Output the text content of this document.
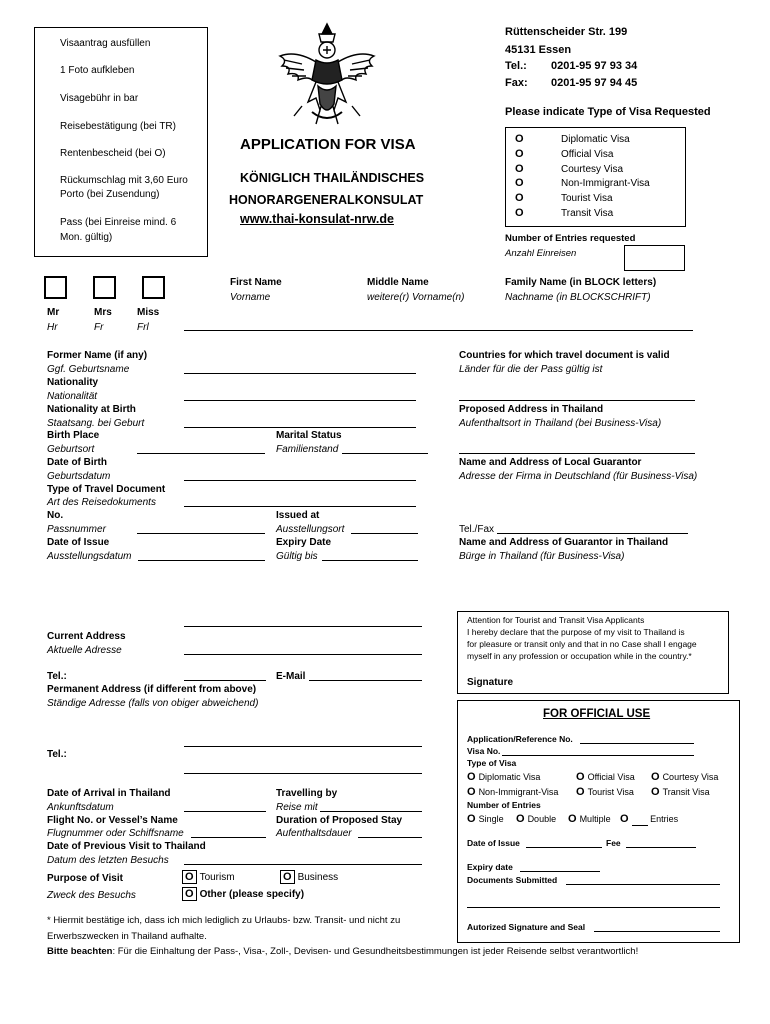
Visaantrag ausfüllen
1 Foto aufkleben
Visagebühr in bar
Reisebestätigung (bei TR)
Rentenbescheid (bei O)
Rückumschlag mit 3,60 Euro
Porto (bei Zusendung)
Pass (bei Einreise mind. 6
Mon. gültig)
APPLICATION FOR VISA
KÖNIGLICH THAILÄNDISCHES
HONORARGENERALKONSULAT
www.thai-konsulat-nrw.de
Rüttenscheider Str. 199
45131 Essen
Tel.: 0201-95 97 93 34
Fax: 0201-95 97 94 45
Please indicate Type of Visa Requested
O	Diplomatic Visa
O	Official Visa
O	Courtesy Visa
O	Non-Immigrant-Visa
O	Tourist Visa
O	Transit Visa
Number of Entries requested
Anzahl Einreisen
Mr	Mrs	Miss
Hr	Fr	Frl
First Name
Vorname
Middle Name
weitere(r) Vorname(n)
Family Name (in BLOCK letters)
Nachname (in BLOCKSCHRIFT)
Former Name (if any)
Ggf. Geburtsname
Nationality
Nationalität
Nationality at Birth
Staatsang. bei Geburt
Birth Place
Geburtsort
Marital Status
Familienstand
Date of Birth
Geburtsdatum
Type of Travel Document
Art des Reisedokuments
No.
Passnummer
Issued at
Ausstellungsort
Date of Issue
Ausstellungsdatum
Expiry Date
Gültig bis
Countries for which travel document is valid
Länder für die der Pass gültig ist
Proposed Address in Thailand
Aufenthaltsort in Thailand (bei Business-Visa)
Name and Address of Local Guarantor
Adresse der Firma in Deutschland (für Business-Visa)
Tel./Fax
Name and Address of Guarantor in Thailand
Bürge in Thailand (für Business-Visa)
Current Address
Aktuelle Adresse
Tel.:	E-Mail
Permanent Address (if different from above)
Ständige Adresse (falls von obiger abweichend)
Tel.:
Attention for Tourist and Transit Visa Applicants
I hereby declare that the purpose of my visit to Thailand is
for pleasure or transit only and that in no Case shall I engage
myself in any profession or occupation while in the country.*
Signature
Date of Arrival in Thailand
Ankunftsdatum
Travelling by
Reise mit
Flight No. or Vessel’s Name
Flugnummer oder Schiffsname
Duration of Proposed Stay
Aufenthaltsdauer
Date of Previous Visit to Thailand
Datum des letzten Besuchs
Purpose of Visit
Zweck des Besuchs
O Tourism	O Business
O Other (please specify)
FOR OFFICIAL USE
Application/Reference No.
Visa No.
Type of Visa
O Diplomatic Visa	O Official Visa O Courtesy Visa
O Non-Immigrant-Visa O Tourist Visa O Transit Visa
Number of Entries
O Single O Double O Multiple O Entries
Date of Issue	Fee
Expiry date
Documents Submitted
Autorized Signature and Seal
* Hiermit bestätige ich, dass ich mich lediglich zu Urlaubs- bzw. Transit- und nicht zu
Erwerbszwecken in Thailand aufhalte.
Bitte beachten: Für die Einhaltung der Pass-, Visa-, Zoll-, Devisen- und Gesundheitsbestimmungen ist jeder Reisende selbst verantwortlich!
